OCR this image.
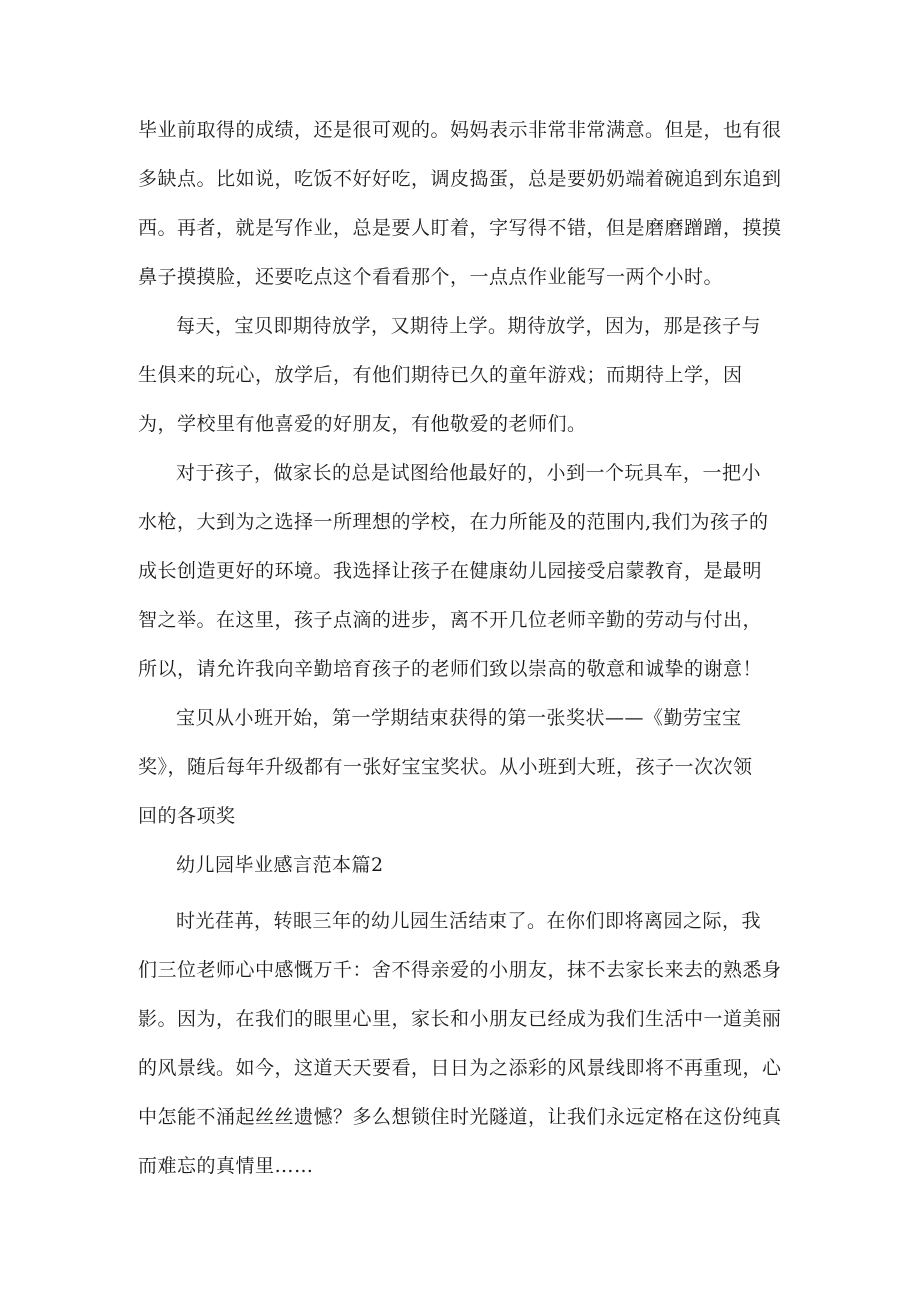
毕业前取得的成绩，还是很可观的。妈妈表示非常非常满意。但是，也有很
多缺点。比如说，吃饭不好好吃，调皮捣蛋，总是要奶奶端着碗追到东追到
西。再者，就是写作业，总是要人盯着，字写得不错，但是磨磨蹭蹭，摸摸
鼻子摸摸脸，还要吃点这个看看那个，一点点作业能写一两个小时。
每天，宝贝即期待放学，又期待上学。期待放学，因为，那是孩子与
生俱来的玩心，放学后，有他们期待已久的童年游戏；而期待上学，因
为，学校里有他喜爱的好朋友，有他敬爱的老师们。
对于孩子，做家长的总是试图给他最好的，小到一个玩具车，一把小
水枪，大到为之选择一所理想的学校，在力所能及的范围内,我们为孩子的
成长创造更好的环境。我选择让孩子在健康幼儿园接受启蒙教育，是最明
智之举。在这里，孩子点滴的进步，离不开几位老师辛勤的劳动与付出，
所以，请允许我向辛勤培育孩子的老师们致以崇高的敬意和诚挚的谢意！
宝贝从小班开始，第一学期结束获得的第一张奖状——《勤劳宝宝
奖》，随后每年升级都有一张好宝宝奖状。从小班到大班，孩子一次次领
回的各项奖
幼儿园毕业感言范本篇2
时光荏苒，转眼三年的幼儿园生活结束了。在你们即将离园之际，我
们三位老师心中感慨万千：舍不得亲爱的小朋友，抹不去家长来去的熟悉身
影。因为，在我们的眼里心里，家长和小朋友已经成为我们生活中一道美丽
的风景线。如今，这道天天要看，日日为之添彩的风景线即将不再重现，心
中怎能不涌起丝丝遗憾？多么想锁住时光隧道，让我们永远定格在这份纯真
而难忘的真情里……
